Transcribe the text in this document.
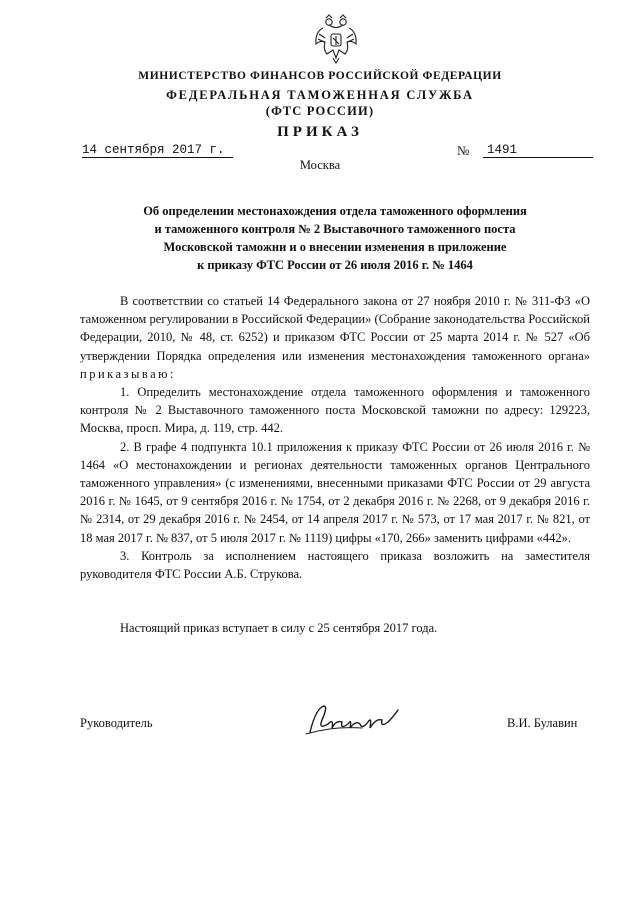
МИНИСТЕРСТВО ФИНАНСОВ РОССИЙСКОЙ ФЕДЕРАЦИИ
ФЕДЕРАЛЬНАЯ ТАМОЖЕННАЯ СЛУЖБА
(ФТС РОССИИ)
ПРИКАЗ
14 сентября 2017 г.	№	1491
Москва
Об определении местонахождения отдела таможенного оформления
и таможенного контроля № 2 Выставочного таможенного поста
Московской таможни и о внесении изменения в приложение
к приказу ФТС России от 26 июля 2016 г. № 1464

В соответствии со статьей 14 Федерального закона от 27 ноября 2010 г. № 311-ФЗ «О таможенном регулировании в Российской Федерации» (Собрание законодательства Российской Федерации, 2010, № 48, ст. 6252) и приказом ФТС России от 25 марта 2014 г. № 527 «Об утверждении Порядка определения или изменения местонахождения таможенного органа» приказываю:

1. Определить местонахождение отдела таможенного оформления и таможенного контроля № 2 Выставочного таможенного поста Московской таможни по адресу: 129223, Москва, просп. Мира, д. 119, стр. 442.

2. В графе 4 подпункта 10.1 приложения к приказу ФТС России от 26 июля 2016 г. № 1464 «О местонахождении и регионах деятельности таможенных органов Центрального таможенного управления» (с изменениями, внесенными приказами ФТС России от 29 августа 2016 г. № 1645, от 9 сентября 2016 г. № 1754, от 2 декабря 2016 г. № 2268, от 9 декабря 2016 г. № 2314, от 29 декабря 2016 г. № 2454, от 14 апреля 2017 г. № 573, от 17 мая 2017 г. № 821, от 18 мая 2017 г. № 837, от 5 июля 2017 г. № 1119) цифры «170, 266» заменить цифрами «442».

3. Контроль за исполнением настоящего приказа возложить на заместителя руководителя ФТС России А.Б. Струкова.

Настоящий приказ вступает в силу с 25 сентября 2017 года.

Руководитель	В.И. Булавин
